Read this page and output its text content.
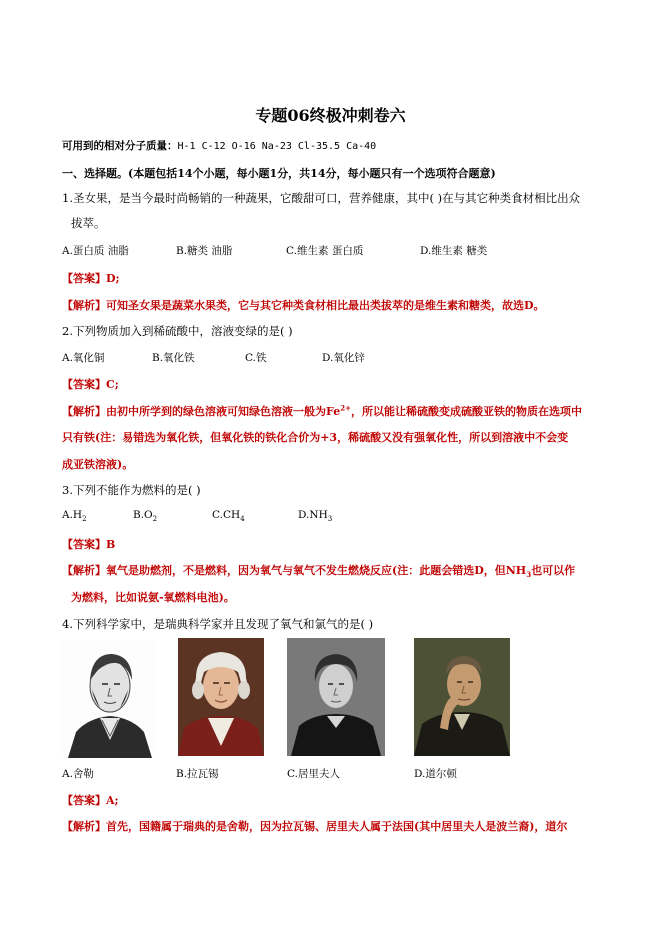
专题06终极冲刺卷六
可用到的相对分子质量：H-1 C-12 O-16 Na-23 Cl-35.5 Ca-40
一、选择题。(本题包括14个小题，每小题1分，共14分，每小题只有一个选项符合题意)
1.圣女果，是当今最时尚畅销的一种蔬果，它酸甜可口，营养健康，其中( )在与其它种类食材相比出众
拔萃。
A.蛋白质 油脂	B.糖类 油脂	C.维生素 蛋白质	D.维生素 糖类
【答案】D;
【解析】可知圣女果是蔬菜水果类，它与其它种类食材相比最出类拔萃的是维生素和糖类，故选D。
2.下列物质加入到稀硫酸中，溶液变绿的是( )
A.氧化铜	B.氧化铁	C.铁	D.氧化锌
【答案】C;
【解析】由初中所学到的绿色溶液可知绿色溶液一般为$Fe^{2+}$，所以能让稀硫酸变成硫酸亚铁的物质在选项中
只有铁(注：易错选为氧化铁，但氧化铁的铁化合价为+3，稀硫酸又没有强氧化性，所以到溶液中不会变
成亚铁溶液)。
3.下列不能作为燃料的是( )
$A.H_2$	$B.O_2$	$C.CH_4$	$D.NH_3$
【答案】B
【解析】氧气是助燃剂，不是燃料，因为氧气与氧气不发生燃烧反应(注：此题会错选D，但$NH_3$也可以作
为燃料，比如说氨-氧燃料电池)。
4.下列科学家中，是瑞典科学家并且发现了氧气和氯气的是( )
A.舍勒	B.拉瓦锡	C.居里夫人	D.道尔顿
【答案】A;
【解析】首先，国籍属于瑞典的是舍勒，因为拉瓦锡、居里夫人属于法国(其中居里夫人是波兰裔)，道尔
